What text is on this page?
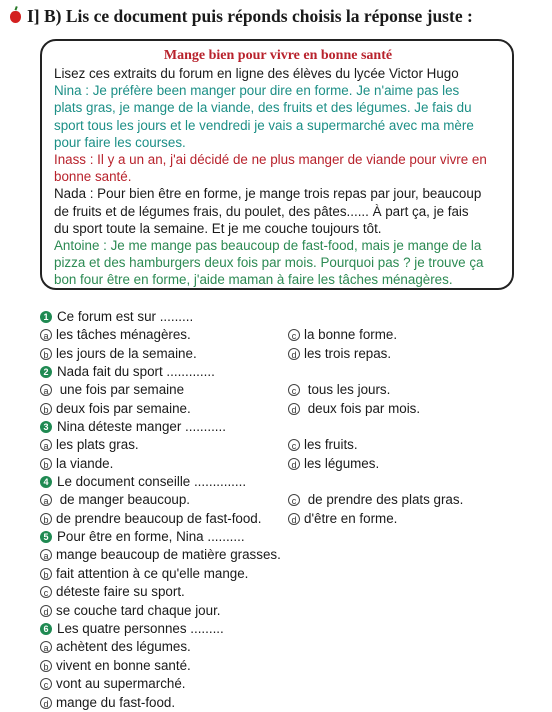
I] B) Lis ce document puis réponds choisis la réponse juste :
Mange bien pour vivre en bonne santé

Lisez ces extraits du forum en ligne des élèves du lycée Victor Hugo

Nina : Je préfère been manger pour dire en forme. Je n'aime pas les

plats gras, je mange de la viande, des fruits et des légumes. Je fais du

sport tous les jours et le vendredi je vais a supermarché avec ma mère

pour faire les courses.

Inass : Il y a un an, j'ai décidé de ne plus manger de viande pour vivre en

bonne santé.

Nada : Pour bien être en forme, je mange trois repas par jour, beaucoup

de fruits et de légumes frais, du poulet, des pâtes...... À part ça, je fais

du sport toute la semaine. Et je me couche toujours tôt.

Antoine : Je me mange pas beaucoup de fast-food, mais je mange de la

pizza et des hamburgers deux fois par mois. Pourquoi pas ? je trouve ça

bon four être en forme, j'aide maman à faire les tâches ménagères.

1 Ce forum est sur .........
a les tâches ménagères.	c la bonne forme.
b les jours de la semaine.	d les trois repas.
2 Nada fait du sport .............
a une fois par semaine	c tous les jours.
b deux fois par semaine.	d deux fois par mois.
3 Nina déteste manger ...........
a les plats gras.	c les fruits.
b la viande.	d les légumes.
4 Le document conseille ..............
a de manger beaucoup.	c de prendre des plats gras.
b de prendre beaucoup de fast-food.	d d'être en forme.
5 Pour être en forme, Nina ..........
a mange beaucoup de matière grasses.
b fait attention à ce qu'elle mange.
c déteste faire su sport.
d se couche tard chaque jour.
6 Les quatre personnes .........
a achètent des légumes.
b vivent en bonne santé.
c vont au supermarché.
d mange du fast-food.
